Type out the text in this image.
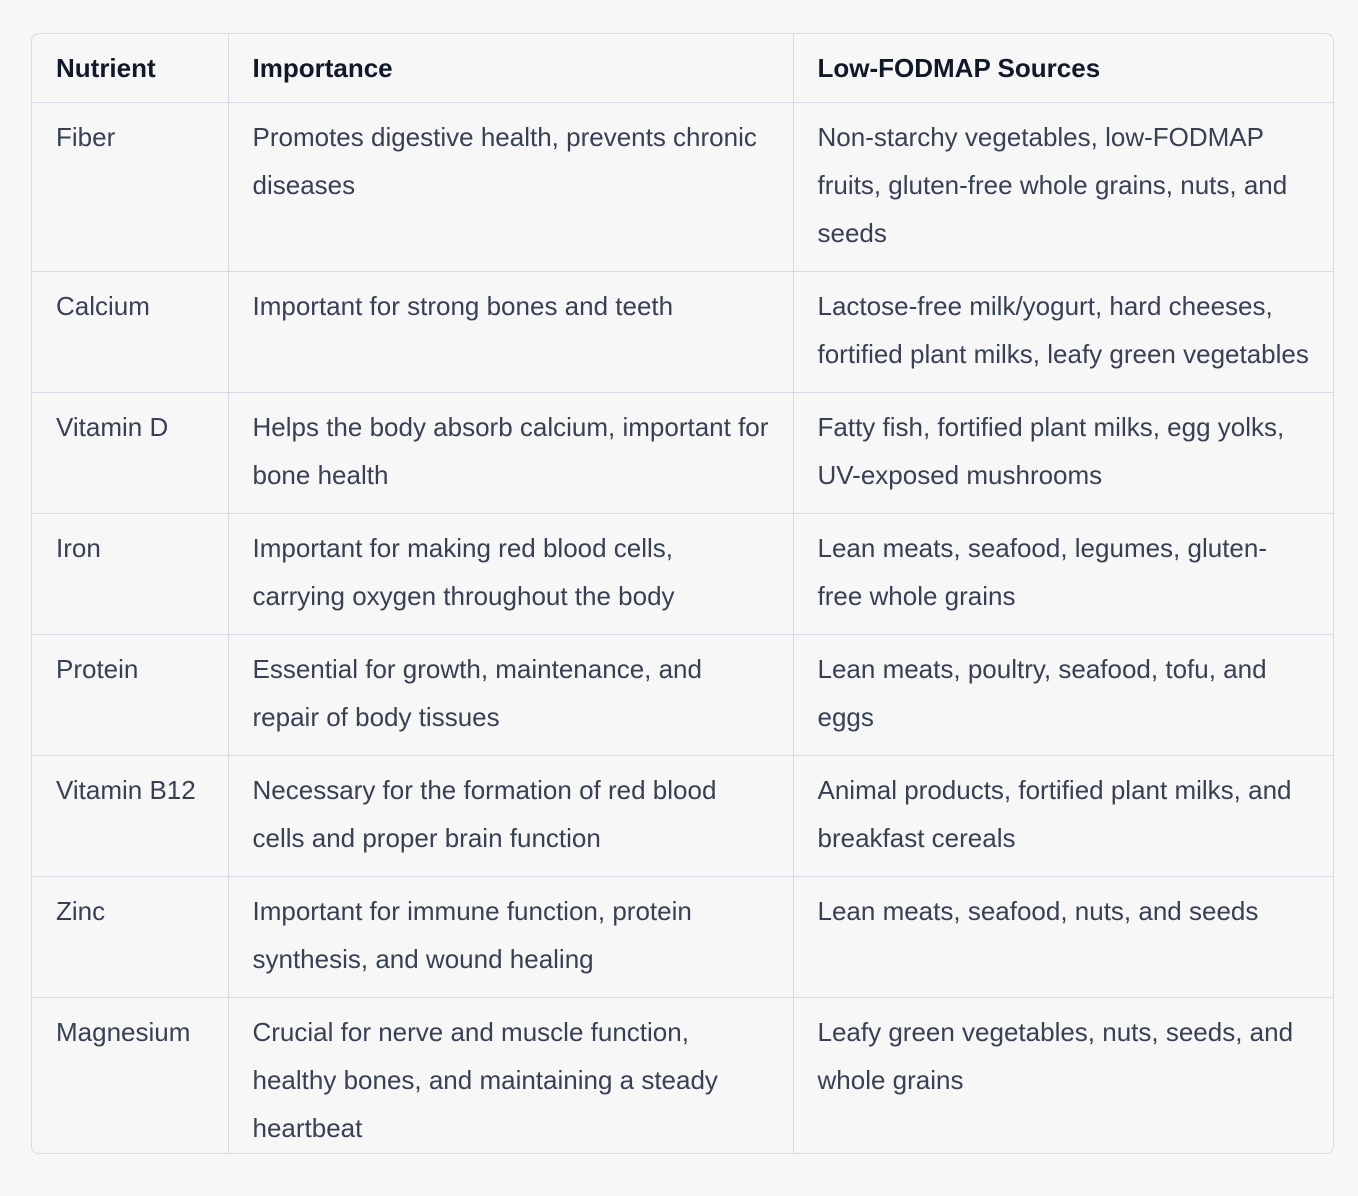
Nutrient	Importance	Low-FODMAP Sources
Fiber	Promotes digestive health, prevents chronic diseases	Non-starchy vegetables, low-FODMAP fruits, gluten-free whole grains, nuts, and seeds
Calcium	Important for strong bones and teeth	Lactose-free milk/yogurt, hard cheeses, fortified plant milks, leafy green vegetables
Vitamin D	Helps the body absorb calcium, important for bone health	Fatty fish, fortified plant milks, egg yolks, UV-exposed mushrooms
Iron	Important for making red blood cells, carrying oxygen throughout the body	Lean meats, seafood, legumes, gluten-free whole grains
Protein	Essential for growth, maintenance, and repair of body tissues	Lean meats, poultry, seafood, tofu, and eggs
Vitamin B12	Necessary for the formation of red blood cells and proper brain function	Animal products, fortified plant milks, and breakfast cereals
Zinc	Important for immune function, protein synthesis, and wound healing	Lean meats, seafood, nuts, and seeds
Magnesium	Crucial for nerve and muscle function, healthy bones, and maintaining a steady heartbeat	Leafy green vegetables, nuts, seeds, and whole grains
